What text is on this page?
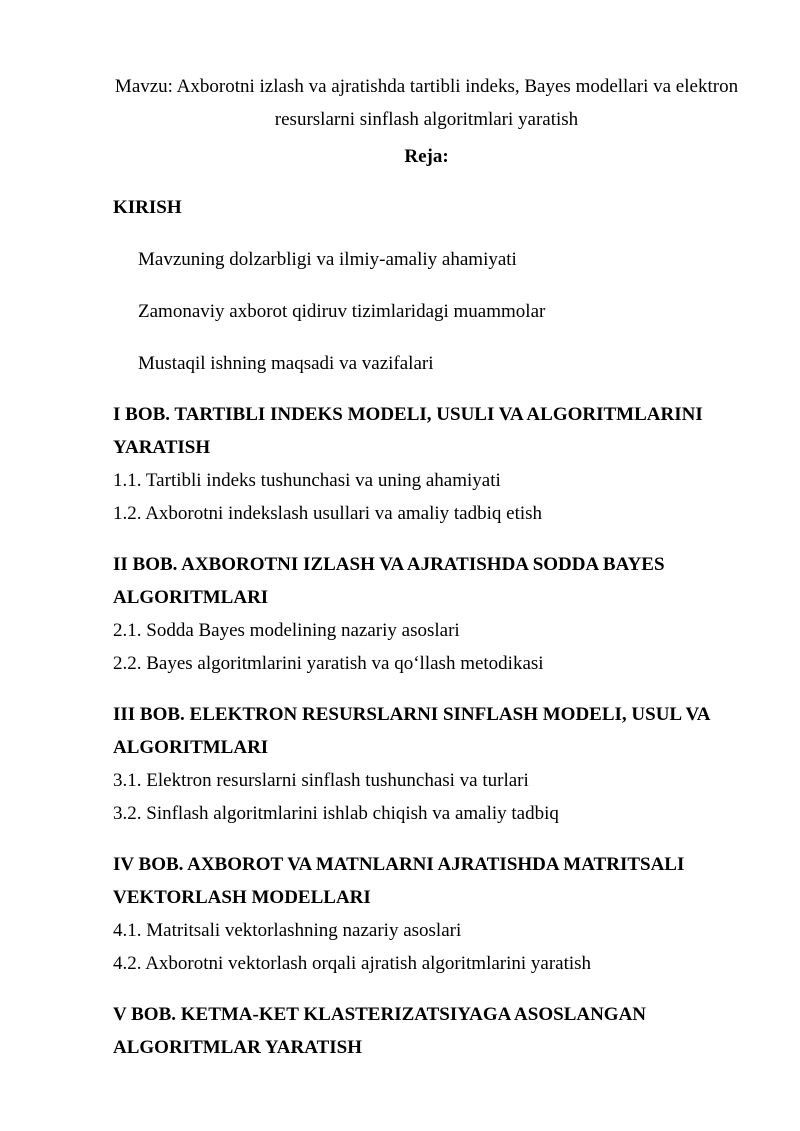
Mavzu: Axborotni izlash va ajratishda tartibli indeks, Bayes modellari va elektron

resurslarni sinflash algoritmlari yaratish

Reja:

KIRISH

Mavzuning dolzarbligi va ilmiy-amaliy ahamiyati

Zamonaviy axborot qidiruv tizimlaridagi muammolar

Mustaqil ishning maqsadi va vazifalari

I BOB. TARTIBLI INDEKS MODELI, USULI VA ALGORITMLARINI YARATISH

1.1. Tartibli indeks tushunchasi va uning ahamiyati

1.2. Axborotni indekslash usullari va amaliy tadbiq etish

II BOB. AXBOROTNI IZLASH VA AJRATISHDA SODDA BAYES ALGORITMLARI

2.1. Sodda Bayes modelining nazariy asoslari

2.2. Bayes algoritmlarini yaratish va qo‘llash metodikasi

III BOB. ELEKTRON RESURSLARNI SINFLASH MODELI, USUL VA ALGORITMLARI

3.1. Elektron resurslarni sinflash tushunchasi va turlari

3.2. Sinflash algoritmlarini ishlab chiqish va amaliy tadbiq

IV BOB. AXBOROT VA MATNLARNI AJRATISHDA MATRITSALI VEKTORLASH MODELLARI

4.1. Matritsali vektorlashning nazariy asoslari

4.2. Axborotni vektorlash orqali ajratish algoritmlarini yaratish

V BOB. KETMA-KET KLASTERIZATSIYAGA ASOSLANGAN ALGORITMLAR YARATISH
